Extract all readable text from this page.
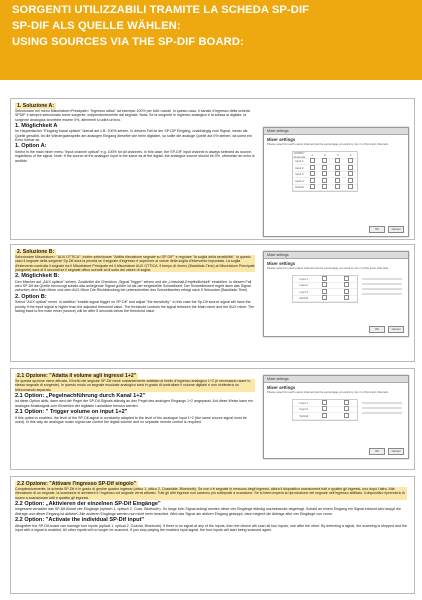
SORGENTI UTILIZZABILI TRAMITE LA SCHEDA SP-DIF
SP-DIF ALS QUELLE WÄHLEN:
USING SOURCES VIA THE SP-DIF BOARD:
1. Soluzione A:

Selezionare nel menu Miscelatore>Principale> "ingresso ottica" ad esempio 100% per tutti i canali. In questo caso, il canale d'ingresso della scheda SPDIF è sempre selezionato come sorgente, indipendentemente dal segnale. Nota: Se la sorgente in ingresso analogico è la stessa al digitale, la sorgente analogica dovrebbe essere 0%, altrimenti si udirà un'eco.

1. Möglichkeit A

Im Hauptmischer "Eingang Kanal optisch" überall auf z.B. 100% setzen. In diesem Fall ist der SP-DIF Eingang, unabhängig vom Signal, immer als Quelle gewählt. Ist die Wiedergabequelle am analogen Eingang dieselbe wie beim digitalen, so sollte die analoge Quelle auf 0% stehen, da sonst ein Echo hörbar ist.

1. Option A:

Select in the main mixer menu "input channel optical" e.g. 100% for all channels. In this case, the SP-DIF input channel is always selected as source, regardless of the signal. Note: If the source at the analogue input is the same as at the digital, the analogue source should be 0%, otherwise an echo is audible.

Mixer settings
Mixer settings
Please select for each output channel just the percentage you want to mix in of the input channels
SUPPLY Channels	1	2	3	4
Input 1
Input 2
Input 3
Input 4
Optical
OK	Cancel
2. Soluzione B:

Selezionare Miscelatore> "AUX OTTICA". Inoltre selezionare "Abilita rilevazione segnale su SP-DIF" e regolare "la soglia della sensibilità". In questo caso il segnale della sorgente Sp-Dif avrà la priorità se il segnale d'ingresso è superiore al valore della soglia d'intervento impostata. La soglia d'intervento controlla il segnale tra il Miscelatore Principale ed il Miscelatore AUX OTTICA. Il tempo di ritorno (Backfade-Time) al Miscelatore Principale (sorgente) sarà di 5 secondi se il segnale ottico scende al di sotto del valore di soglia.

2. Möglichkeit B:

Den Mischer auf „AUX optisch" setzen. Zusätzlich die Checkbox „Signal Trigger" setzen und die „Umschalt-Empfindlichkeit" einstellen. In diesem Fall wird SP-Dif als Quelle bevorzugt sobald das anliegende Signal größer ist als der eingestellte Schwellwert. Der Schwellenwert regelt dann das Signal zwischen dem Main Mixer und dem AUX Mixer Die Rückblendung bei unterschreiten des Schwellwertes erfolgt nach 5 Sekunden (Backfade-Time)

2. Option B:

Select "AUX optical" mixer. In addition "enable signal trigger on SP-Dif" and adjust "the sensitivity". In this case the Sp-Dif source signal will have the priority if the input signal is higher than the adjusted threshold value. The threshold controls the signal between the Main mixer and the AUX mixer. The fading back to the main mixer (source) will be after 5 seconds below the threshold value.

Mixer settings
Mixer settings
Please select for each output channel just the percentage you want to mix in of the input channels
Input 1
Input 2
Input 3
Optical
OK	Cancel
2.1 Opzione: "Adatta il volume agli ingressi 1+2"

Se questa opzione viene attivata, il livello del segnale SP-Dif viene costantemente adattato al livello d'ingresso analogico 1+2 (è necessario usare lo stesso segnale di sorgente). In questo modo un segnale musicale analogico sarà in grado di controllare il volume digitale e non richiederà un telecomando separato.

2.1 Option: „Pegelnachführung durch Kanal 1+2"

Ist diese Option aktiv, dann wird der Pegel der SP-Dif-Signals ständig an den Pegel des analogen Eingangs 1+2 angepasst. Auf diese Weise kann ein analoges Musiksignal zum Einstellen der digitalen Lautstärke benutzt werden.

2.1 Option: " Trigger volume on input 1+2"

If this option is enabled, the level of the SP-Dif-signal is constantly adapted to the level of the analogue input 1+2 (the same source signal must be used). In this way an analogue music signal can control the digital volume and no separate remote control is required.

Mixer settings
Mixer settings
Please select for each output channel just the percentage you want to mix in of the input channels
Input 1
Input 2
Optical
OK	Cancel
2.2 Opzione: "Attivare l'ingresso SP-Dif singolo"

Complessivamente, la scheda SP-Dif è in grado di gestire quattro ingressi (ottico 1, ottico 2, Coassiale, Bluetooth). Se non c'è segnale in nessuno degli ingressi, allora il dispositivo scansionerà tutti e quattro gli ingressi, uno dopo l'altro. Alla rilevazione di un segnale, la scansione si arresterà e l'ingresso col segnale verrà attivato. Tutti gli altri ingressi non saranno più sottoposti a scansione. Se si interromperà la riproduzione del segnale nell'ingresso abilitato, il dispositivo riprenderà di nuovo a scansionare tutti e quattro gli ingressi.

2.2 Option: „Aktivieren der einzelnen SP-Dif Eingänge"

Insgesamt verwaltet das SP-Dif-Board vier Eingänge (optisch 1, optisch 2, Coax, Bluetooth). So lange kein Signal anliegt werden diese vier Eingänge ständig nacheinander abgefragt. Sobald an einem Eingang ein Signal erkannt wird stoppt die Abfrage und dieser Eingang ist aktiviert. Alle anderen Eingänge werden nun nicht mehr beachtet. Wird das Signal am aktiven Eingang gestoppt, dann beginnt die Abfrage aller vier Eingänge von vorne.

2.2 Option: "Activate the individual SP-Dif input"

Altogether the SP-Dif-board can manage four inputs (optical 1, optical 2, Coaxial, Bluetooth). If there is no signal at any of the inputs, then the device will scan all four inputs, one after the other. By detecting a signal, the scanning is stopped and the input with a signal is enabled. All other inputs will no longer be scanned. If you stop playing the enabled input signal, the four inputs will start being scanned again.
